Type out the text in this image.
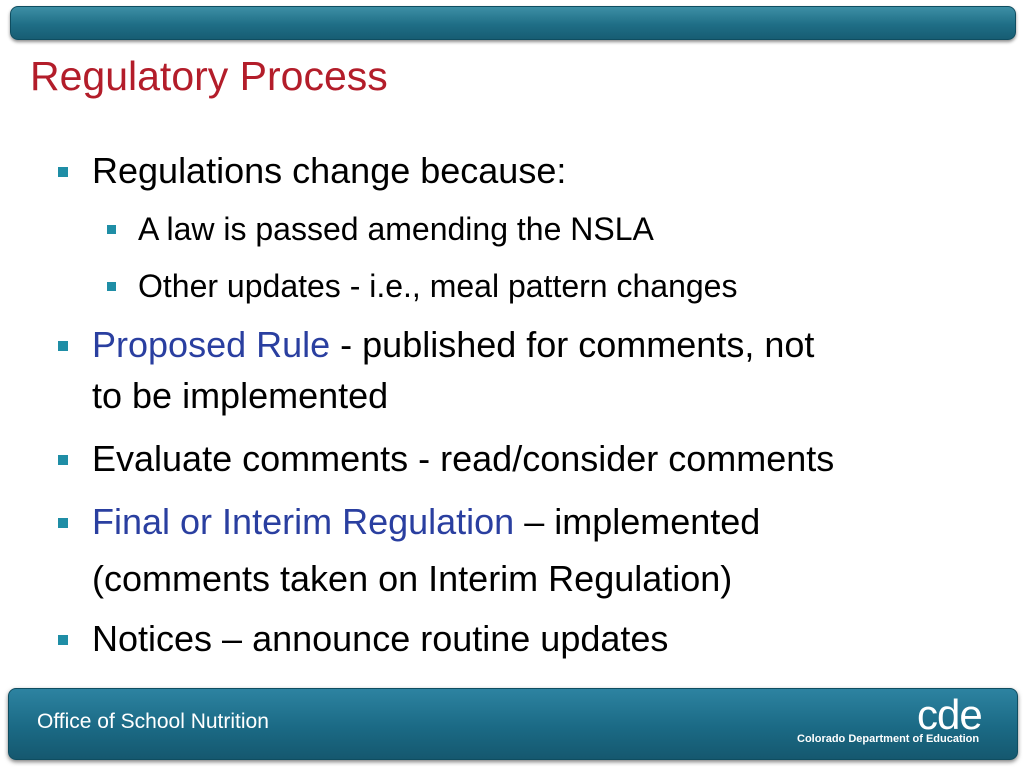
Regulatory Process
Regulations change because:
A law is passed amending the NSLA
Other updates - i.e., meal pattern changes
Proposed Rule - published for comments, not
to be implemented
Evaluate comments - read/consider comments
Final or Interim Regulation – implemented
(comments taken on Interim Regulation)
Notices – announce routine updates
Office of School Nutrition	cde
Colorado Department of Education
